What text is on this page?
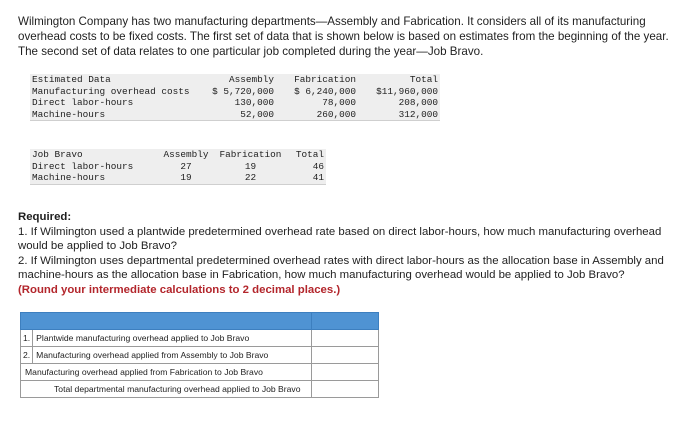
Wilmington Company has two manufacturing departments—Assembly and Fabrication. It considers all of its manufacturing
overhead costs to be fixed costs. The first set of data that is shown below is based on estimates from the beginning of the year.
The second set of data relates to one particular job completed during the year—Job Bravo.
Estimated Data	Assembly	Fabrication	Total
Manufacturing overhead costs	$ 5,720,000	$ 6,240,000	$11,960,000
Direct labor-hours	130,000	78,000	208,000
Machine-hours	52,000	260,000	312,000
Job Bravo	Assembly	Fabrication	Total
Direct labor-hours	27	19	46
Machine-hours	19	22	41
Required:
1. If Wilmington used a plantwide predetermined overhead rate based on direct labor-hours, how much manufacturing overhead
would be applied to Job Bravo?
2. If Wilmington uses departmental predetermined overhead rates with direct labor-hours as the allocation base in Assembly and
machine-hours as the allocation base in Fabrication, how much manufacturing overhead would be applied to Job Bravo?
(Round your intermediate calculations to 2 decimal places.)

1.	Plantwide manufacturing overhead applied to Job Bravo	
2.	Manufacturing overhead applied from Assembly to Job Bravo	
Manufacturing overhead applied from Fabrication to Job Bravo		
Total departmental manufacturing overhead applied to Job Bravo		
